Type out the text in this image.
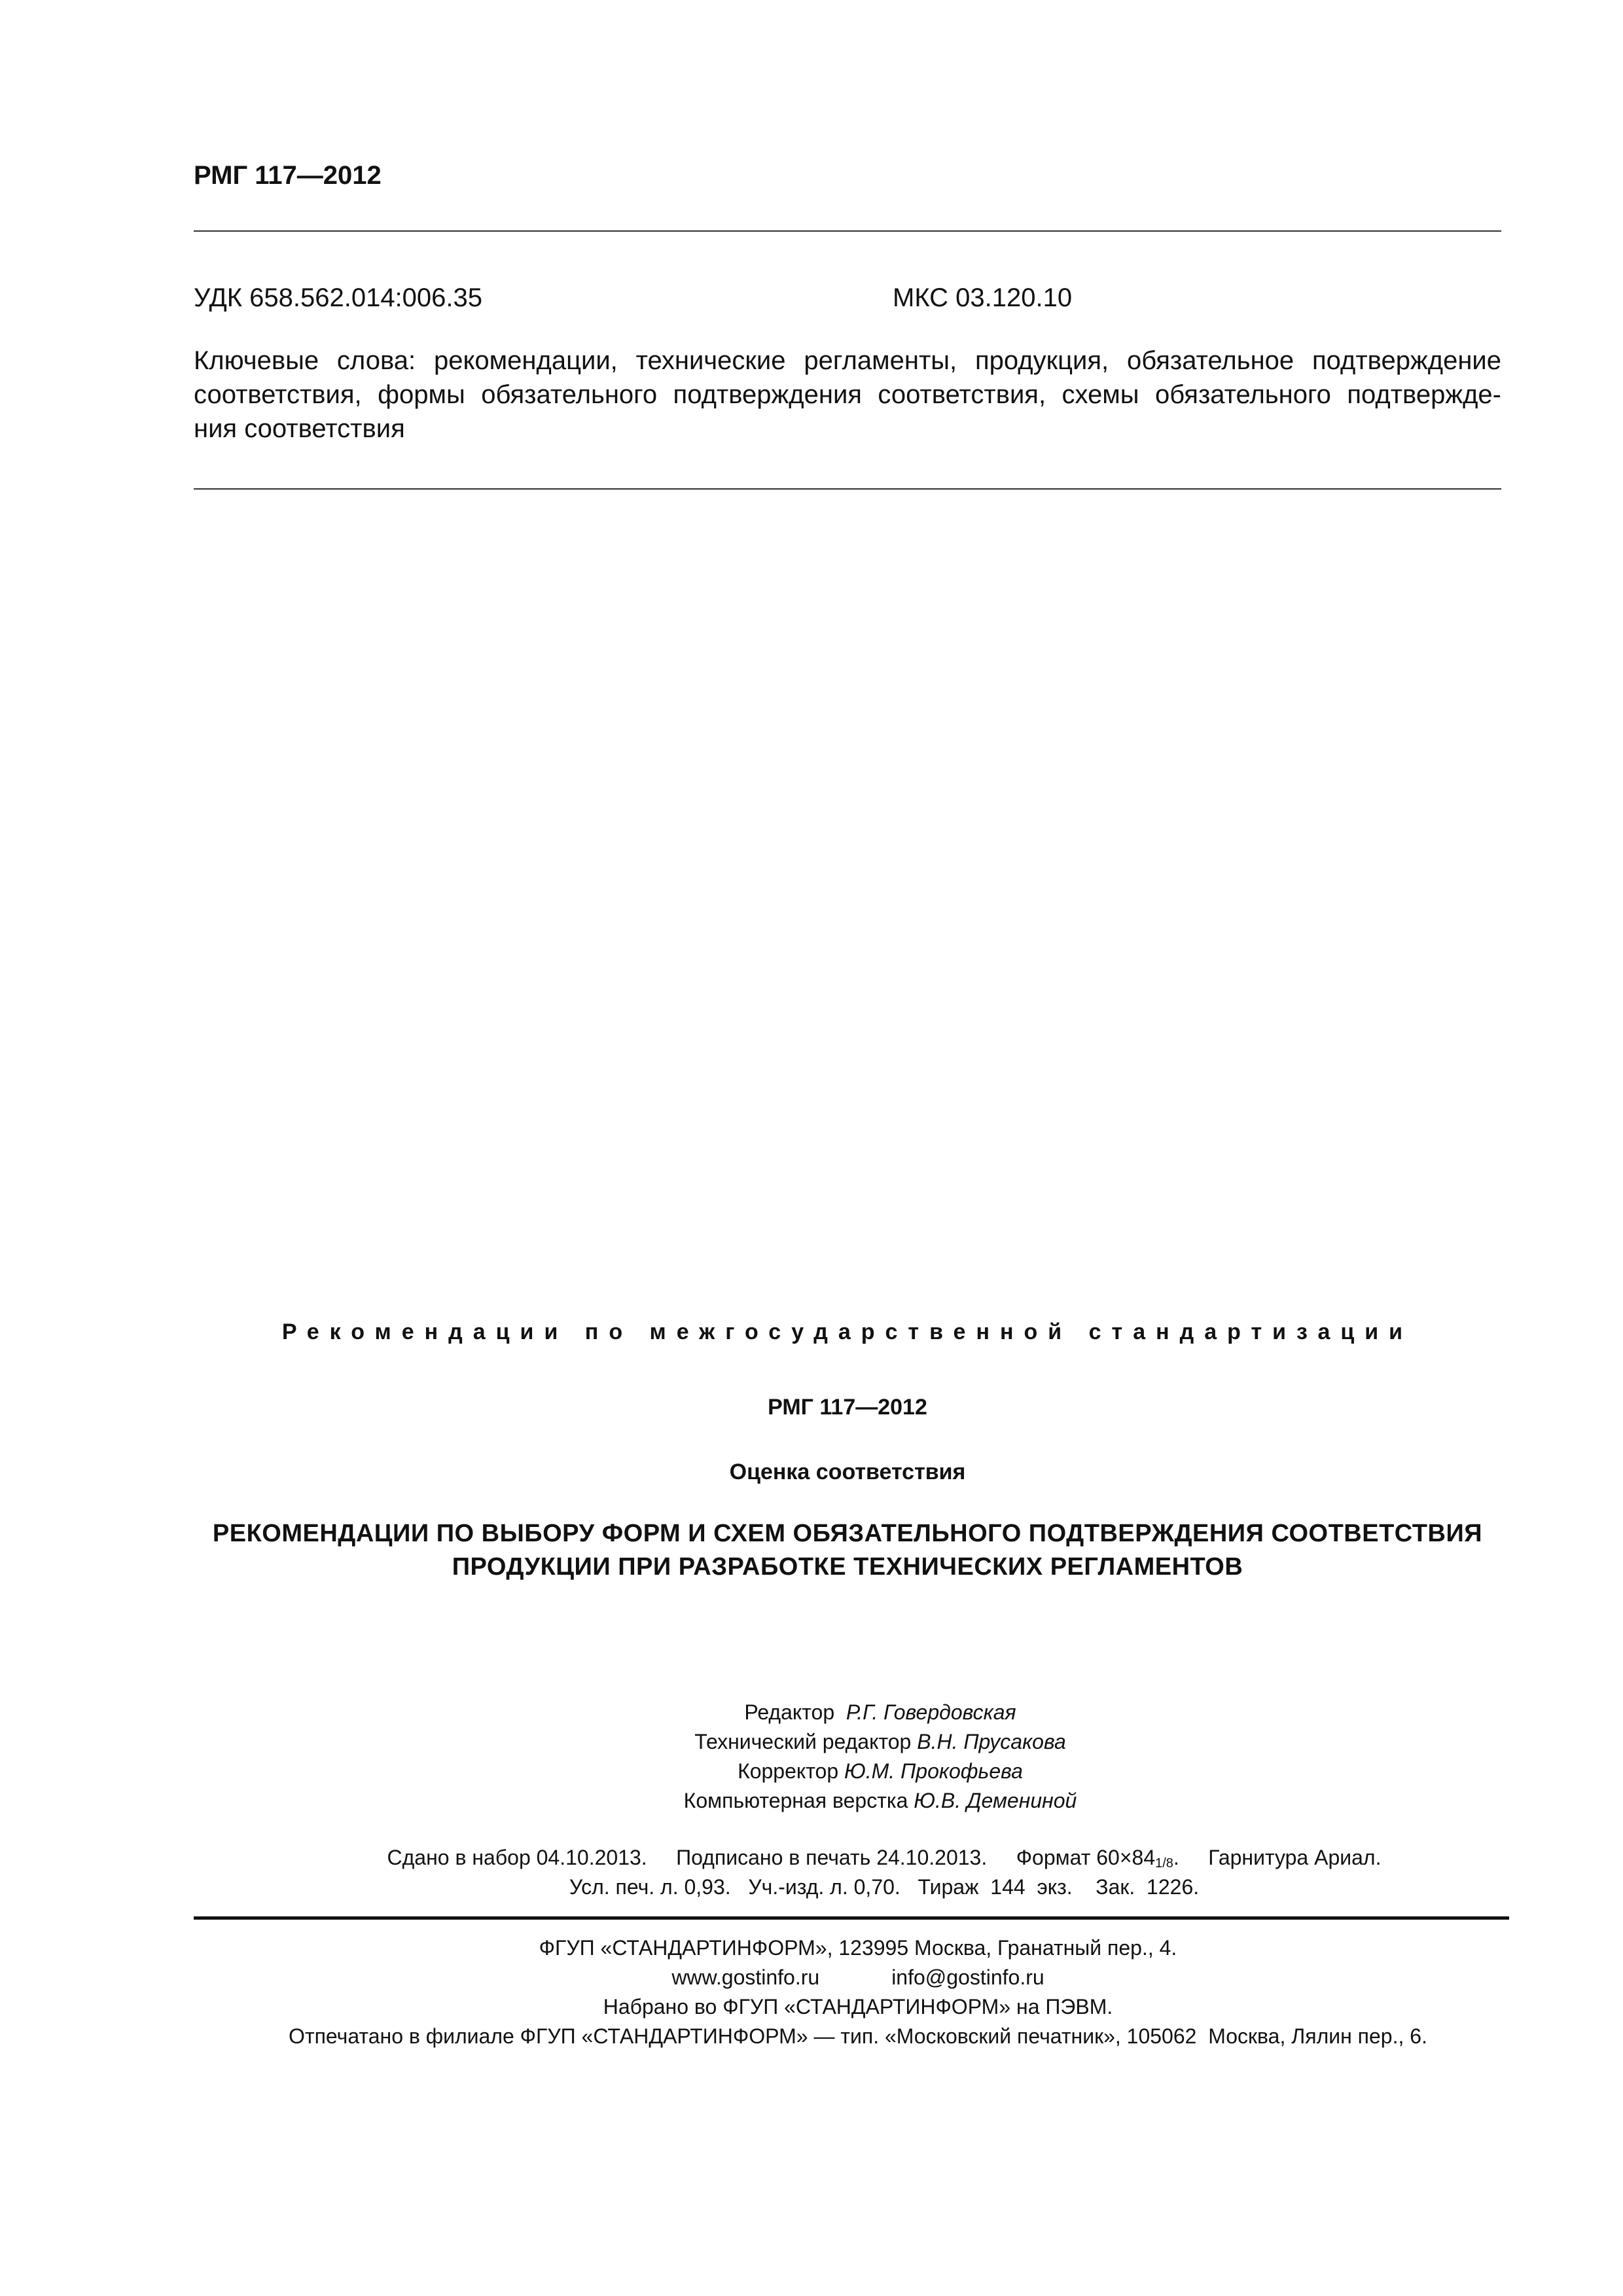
РМГ 117—2012
УДК 658.562.014:006.35	МКС 03.120.10
Ключевые слова: рекомендации, технические регламенты, продукция, обязательное подтверждение
соответствия, формы обязательного подтверждения соответствия, схемы обязательного подтвержде-
ния соответствия
Рекомендации по межгосударственной стандартизации
РМГ 117—2012
Оценка соответствия
РЕКОМЕНДАЦИИ ПО ВЫБОРУ ФОРМ И СХЕМ ОБЯЗАТЕЛЬНОГО ПОДТВЕРЖДЕНИЯ СООТВЕТСТВИЯ
ПРОДУКЦИИ ПРИ РАЗРАБОТКЕ ТЕХНИЧЕСКИХ РЕГЛАМЕНТОВ
Редактор Р.Г. Говердовская
Технический редактор В.Н. Прусакова
Корректор Ю.М. Прокофьева
Компьютерная верстка Ю.В. Демениной
Сдано в набор 04.10.2013. Подписано в печать 24.10.2013. Формат 60×841/8. Гарнитура Ариал.
Усл. печ. л. 0,93. Уч.-изд. л. 0,70. Тираж  144  экз. Зак.  1226.
ФГУП «СТАНДАРТИНФОРМ», 123995 Москва, Гранатный пер., 4.
www.gostinfo.ru	info@gostinfo.ru
Набрано во ФГУП «СТАНДАРТИНФОРМ» на ПЭВМ.
Отпечатано в филиале ФГУП «СТАНДАРТИНФОРМ» — тип. «Московский печатник», 105062  Москва, Лялин пер., 6.
